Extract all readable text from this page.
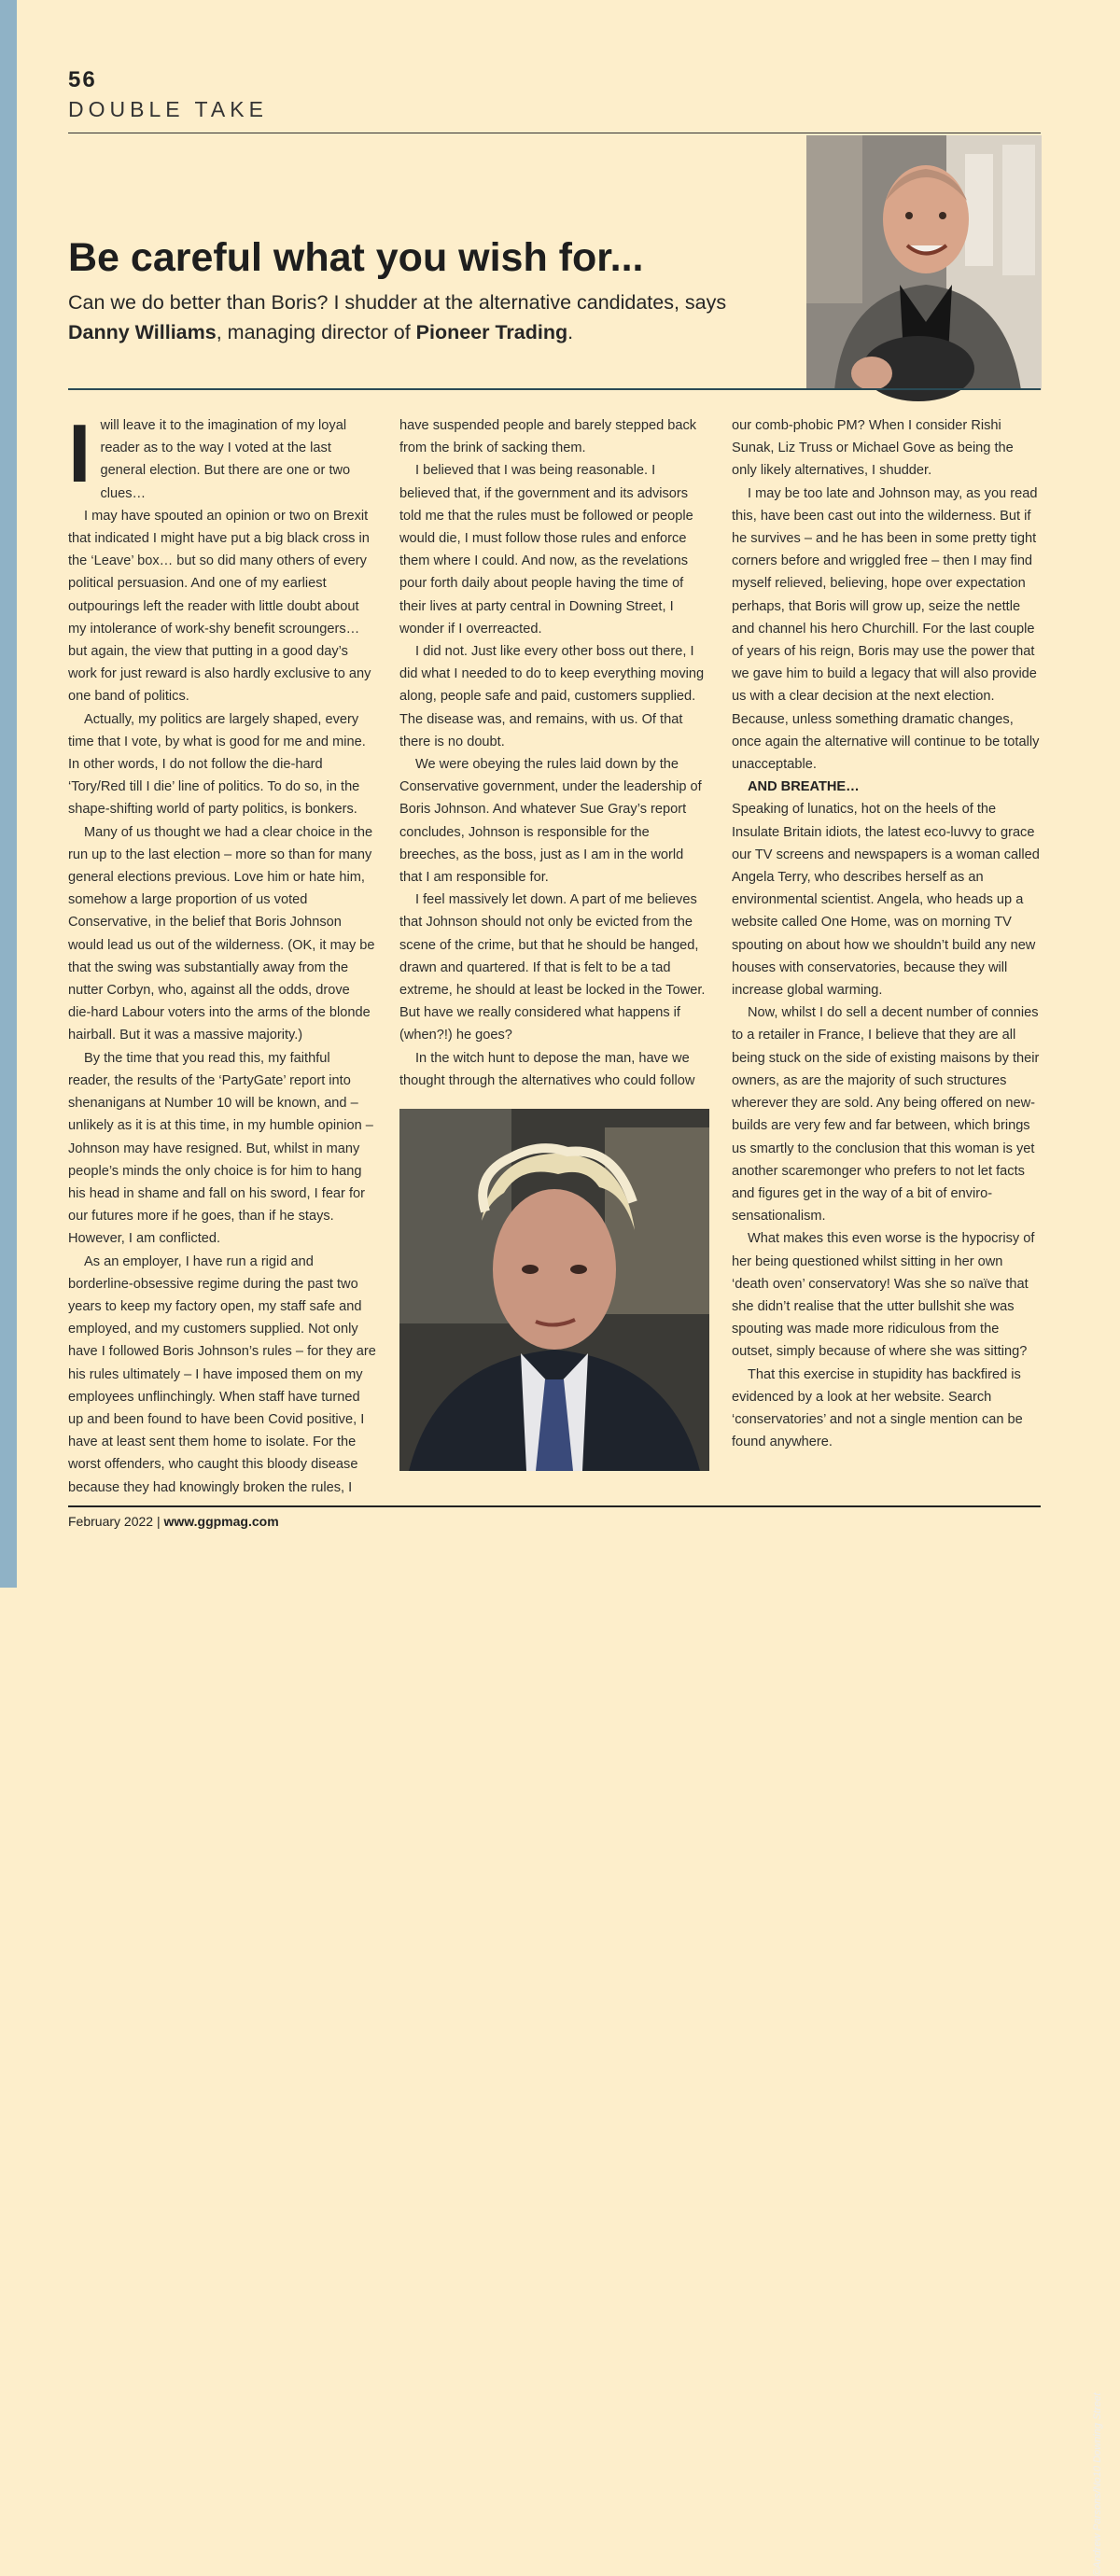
56
DOUBLE TAKE
Be careful what you wish for...

Can we do better than Boris? I shudder at the alternative candidates, says Danny Williams, managing director of Pioneer Trading.

I will leave it to the imagination of my loyal reader as to the way I voted at the last general election. But there are one or two clues…

I may have spouted an opinion or two on Brexit that indicated I might have put a big black cross in the ‘Leave’ box… but so did many others of every political persuasion. And one of my earliest outpourings left the reader with little doubt about my intolerance of work-shy benefit scroungers… but again, the view that putting in a good day’s work for just reward is also hardly exclusive to any one band of politics.

Actually, my politics are largely shaped, every time that I vote, by what is good for me and mine. In other words, I do not follow the die-hard ‘Tory/Red till I die’ line of politics. To do so, in the shape-shifting world of party politics, is bonkers.

Many of us thought we had a clear choice in the run up to the last election – more so than for many general elections previous. Love him or hate him, somehow a large proportion of us voted Conservative, in the belief that Boris Johnson would lead us out of the wilderness. (OK, it may be that the swing was substantially away from the nutter Corbyn, who, against all the odds, drove die-hard Labour voters into the arms of the blonde hairball. But it was a massive majority.)

By the time that you read this, my faithful reader, the results of the ‘PartyGate’ report into shenanigans at Number 10 will be known, and – unlikely as it is at this time, in my humble opinion – Johnson may have resigned. But, whilst in many people’s minds the only choice is for him to hang his head in shame and fall on his sword, I fear for our futures more if he goes, than if he stays. However, I am conflicted.

As an employer, I have run a rigid and borderline-obsessive regime during the past two years to keep my factory open, my staff safe and employed, and my customers supplied. Not only have I followed Boris Johnson’s rules – for they are his rules ultimately – I have imposed them on my employees unflinchingly. When staff have turned up and been found to have been Covid positive, I have at least sent them home to isolate. For the worst offenders, who caught this bloody disease because they had knowingly broken the rules, I

have suspended people and barely stepped back from the brink of sacking them.

I believed that I was being reasonable. I believed that, if the government and its advisors told me that the rules must be followed or people would die, I must follow those rules and enforce them where I could. And now, as the revelations pour forth daily about people having the time of their lives at party central in Downing Street, I wonder if I overreacted.

I did not. Just like every other boss out there, I did what I needed to do to keep everything moving along, people safe and paid, customers supplied. The disease was, and remains, with us. Of that there is no doubt.

We were obeying the rules laid down by the Conservative government, under the leadership of Boris Johnson. And whatever Sue Gray’s report concludes, Johnson is responsible for the breeches, as the boss, just as I am in the world that I am responsible for.

I feel massively let down. A part of me believes that Johnson should not only be evicted from the scene of the crime, but that he should be hanged, drawn and quartered. If that is felt to be a tad extreme, he should at least be locked in the Tower. But have we really considered what happens if (when?!) he goes?

In the witch hunt to depose the man, have we thought through the alternatives who could follow

©Andrew Parsons/No10 Downing Street

our comb-phobic PM? When I consider Rishi Sunak, Liz Truss or Michael Gove as being the only likely alternatives, I shudder.

I may be too late and Johnson may, as you read this, have been cast out into the wilderness. But if he survives – and he has been in some pretty tight corners before and wriggled free – then I may find myself relieved, believing, hope over expectation perhaps, that Boris will grow up, seize the nettle and channel his hero Churchill. For the last couple of years of his reign, Boris may use the power that we gave him to build a legacy that will also provide us with a clear decision at the next election. Because, unless something dramatic changes, once again the alternative will continue to be totally unacceptable.

AND BREATHE…

Speaking of lunatics, hot on the heels of the Insulate Britain idiots, the latest eco-luvvy to grace our TV screens and newspapers is a woman called Angela Terry, who describes herself as an environmental scientist. Angela, who heads up a website called One Home, was on morning TV spouting on about how we shouldn’t build any new houses with conservatories, because they will increase global warming.

Now, whilst I do sell a decent number of connies to a retailer in France, I believe that they are all being stuck on the side of existing maisons by their owners, as are the majority of such structures wherever they are sold. Any being offered on new-builds are very few and far between, which brings us smartly to the conclusion that this woman is yet another scaremonger who prefers to not let facts and figures get in the way of a bit of enviro-sensationalism.

What makes this even worse is the hypocrisy of her being questioned whilst sitting in her own ‘death oven’ conservatory! Was she so naïve that she didn’t realise that the utter bullshit she was spouting was made more ridiculous from the outset, simply because of where she was sitting?

That this exercise in stupidity has backfired is evidenced by a look at her website. Search ‘conservatories’ and not a single mention can be found anywhere.

February 2022 | www.ggpmag.com
